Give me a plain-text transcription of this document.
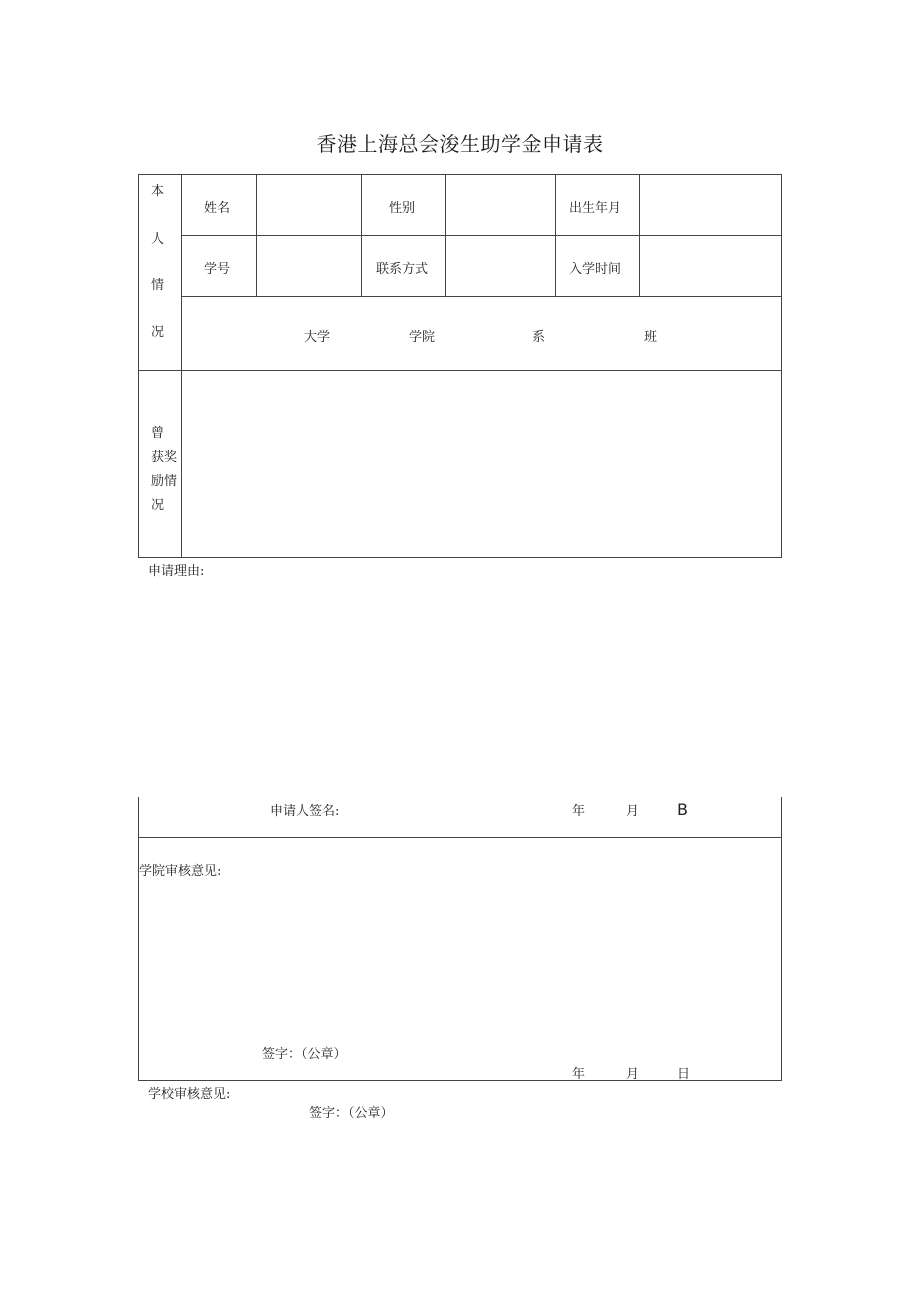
香港上海总会浚生助学金申请表
本
人
情
况
姓名	性别	出生年月
学号	联系方式	入学时间
大学	学院	系	班
曾
获奖
励情
况
申请理由:
申请人签名:	年	月 B
学院审核意见:
签字：（公章）
年	月	日
学校审核意见:
签字：（公章）
